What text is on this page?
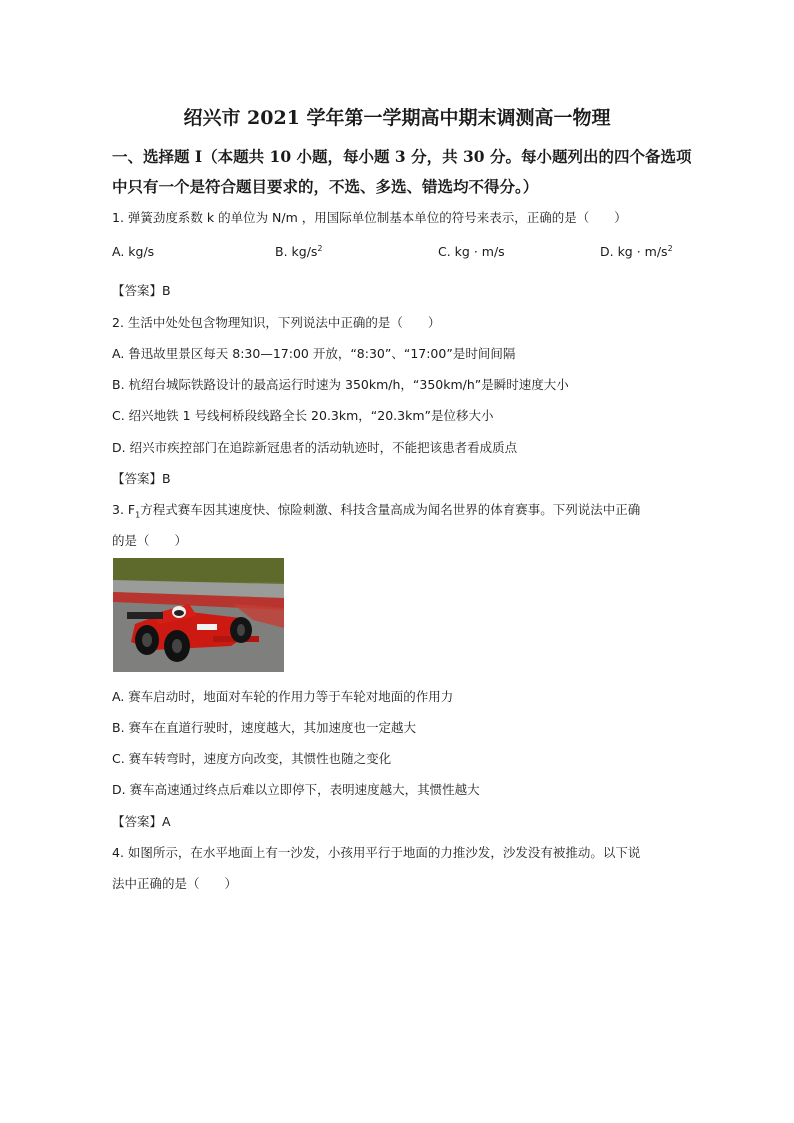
绍兴市 2021 学年第一学期高中期末调测高一物理
一、选择题 I（本题共 10 小题，每小题 3 分，共 30 分。每小题列出的四个备选项中只有一个是符合题目要求的，不选、多选、错选均不得分。）
1. 弹簧劲度系数 k 的单位为 N/m ，用国际单位制基本单位的符号来表示，正确的是（　　）
A. kg/s	B. $kg/s^2$	C. kg · m/s	D. kg · $m/s^2$
【答案】B
2. 生活中处处包含物理知识，下列说法中正确的是（　　）
A. 鲁迅故里景区每天 8:30—17:00 开放，“8:30”、“17:00”是时间间隔
B. 杭绍台城际铁路设计的最高运行时速为 350km/h，“350km/h”是瞬时速度大小
C. 绍兴地铁 1 号线柯桥段线路全长 20.3km，“20.3km”是位移大小
D. 绍兴市疾控部门在追踪新冠患者的活动轨迹时，不能把该患者看成质点
【答案】B
3. $F_1$方程式赛车因其速度快、惊险刺激、科技含量高成为闻名世界的体育赛事。下列说法中正确
的是（　　）
A. 赛车启动时，地面对车轮的作用力等于车轮对地面的作用力
B. 赛车在直道行驶时，速度越大，其加速度也一定越大
C. 赛车转弯时，速度方向改变，其惯性也随之变化
D. 赛车高速通过终点后难以立即停下，表明速度越大，其惯性越大
【答案】A
4. 如图所示，在水平地面上有一沙发，小孩用平行于地面的力推沙发，沙发没有被推动。以下说
法中正确的是（　　）
